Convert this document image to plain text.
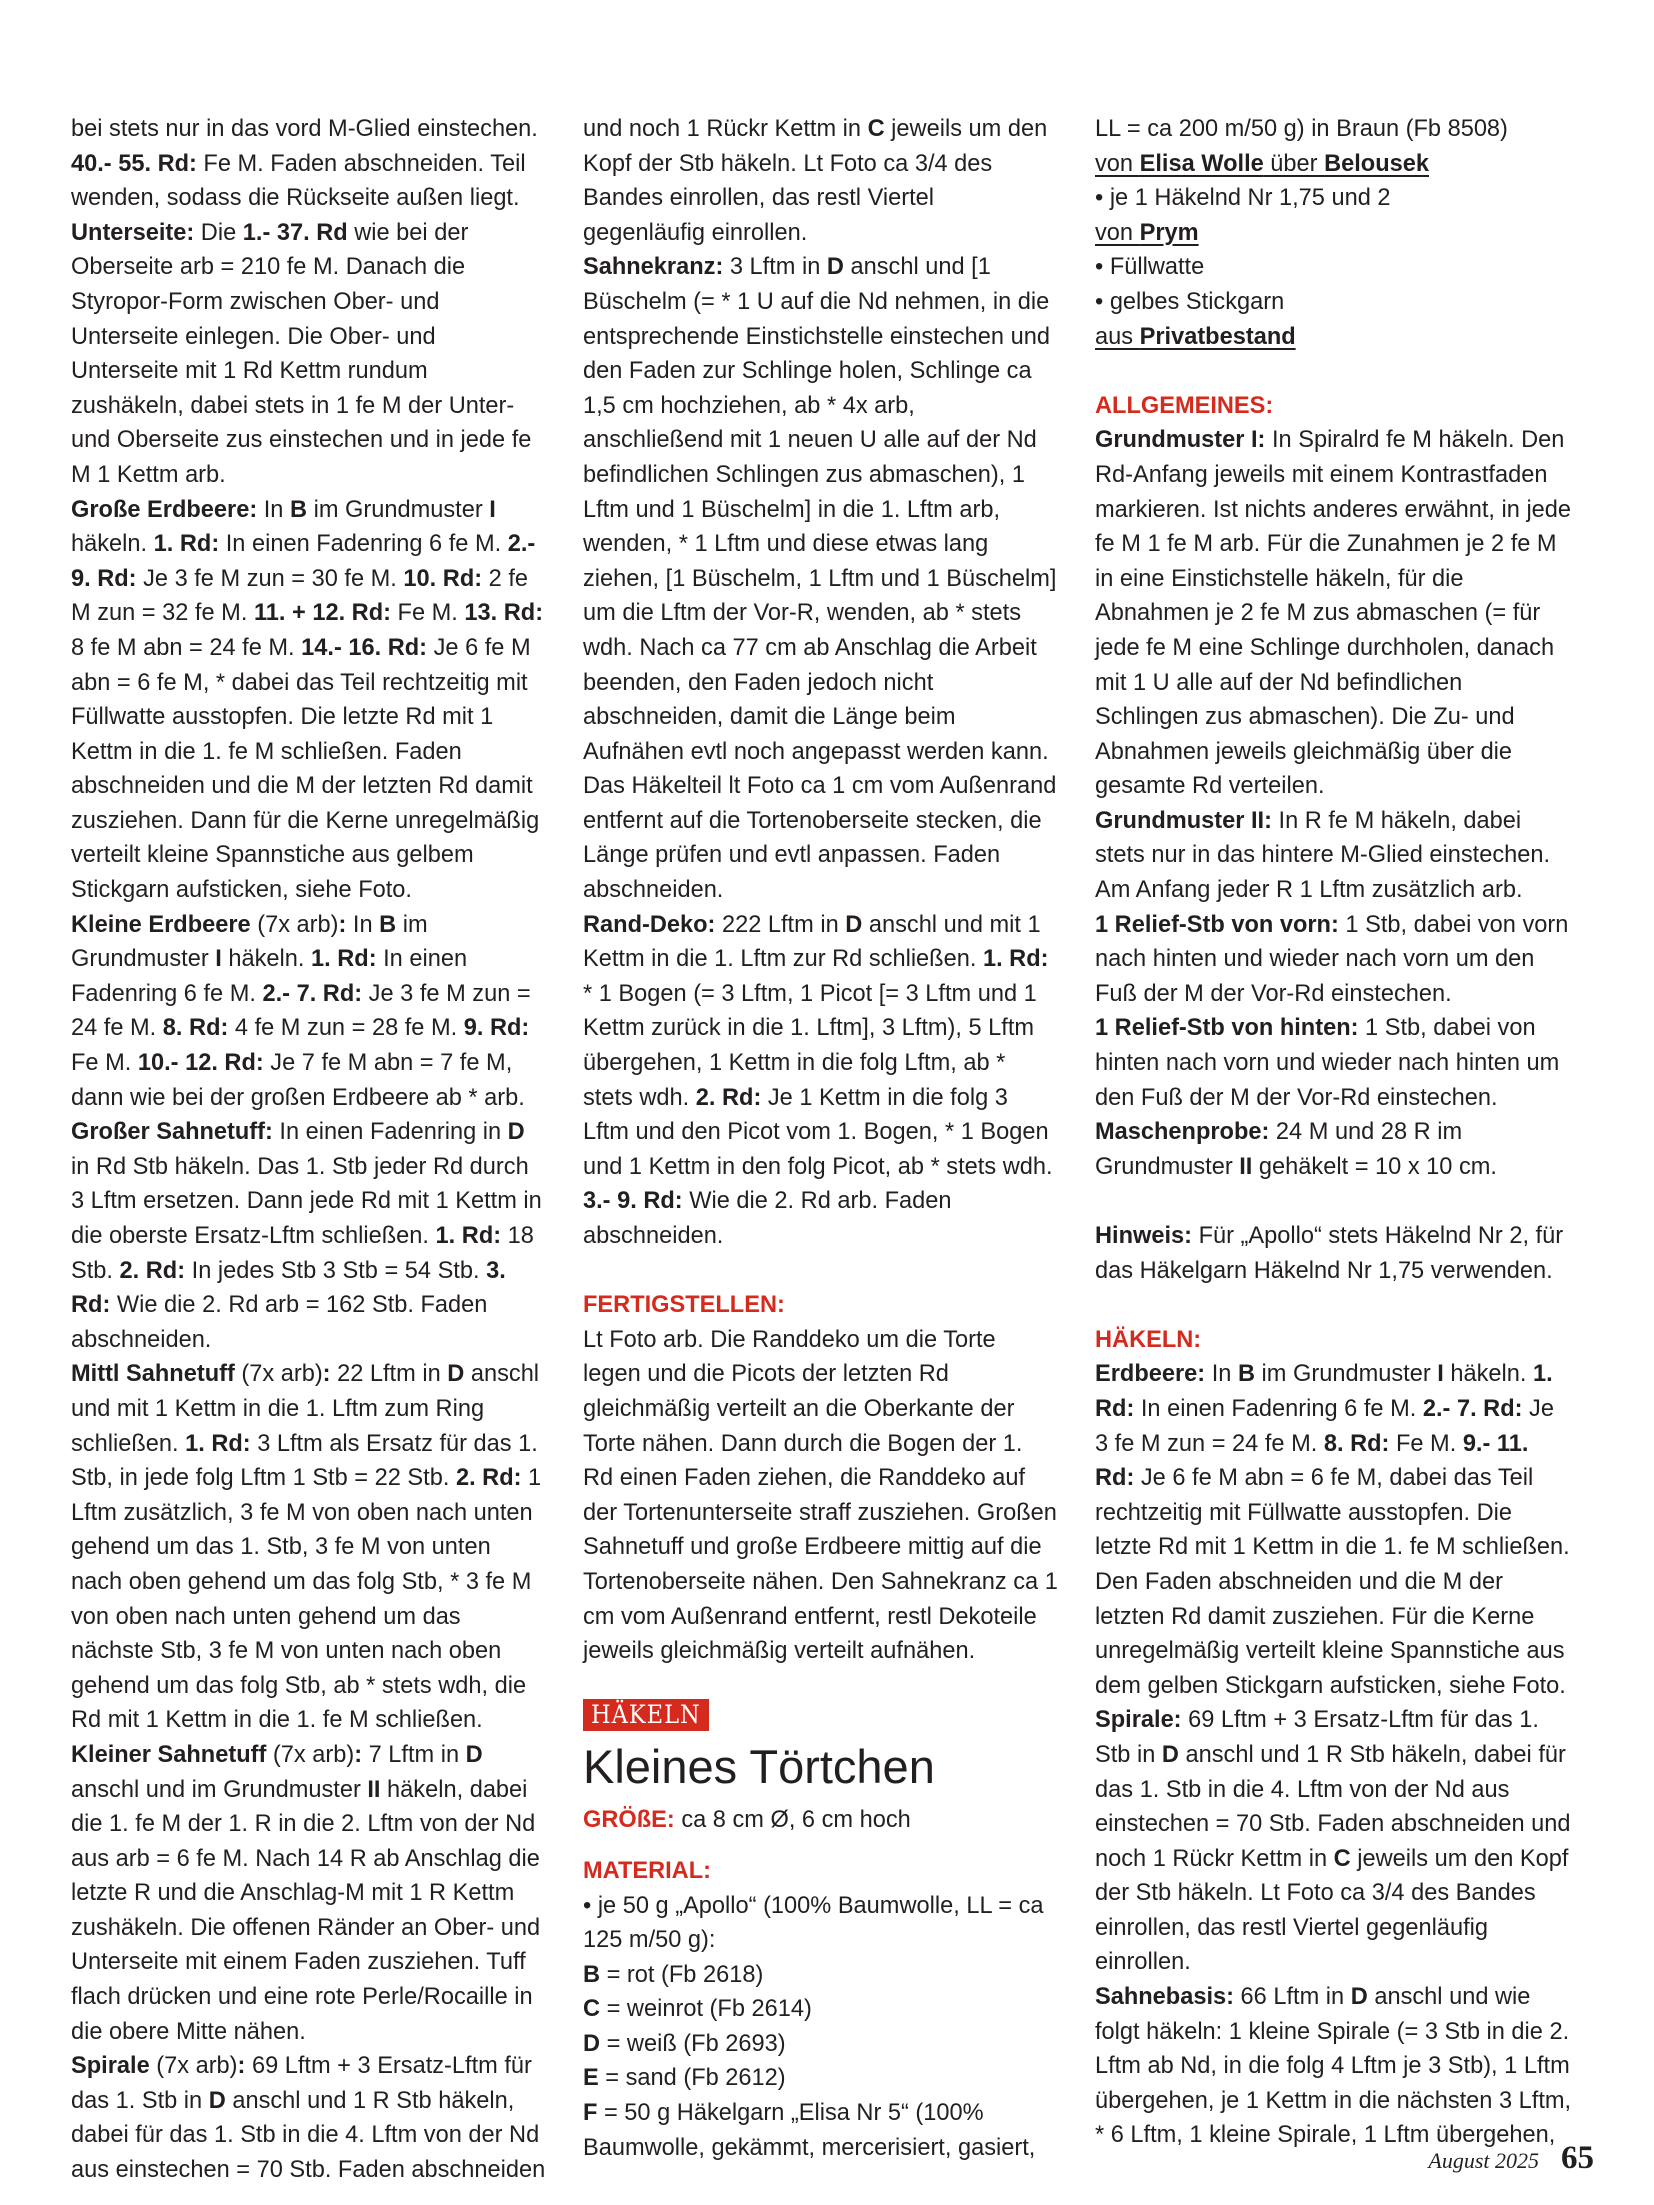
bei stets nur in das vord M-Glied einstechen.

40.- 55. Rd: Fe M. Faden abschneiden. Teil wenden, sodass die Rückseite außen liegt.

Unterseite: Die 1.- 37. Rd wie bei der Oberseite arb = 210 fe M. Danach die Styropor-Form zwischen Ober- und Unterseite einlegen. Die Ober- und Unterseite mit 1 Rd Kettm rundum zushäkeln, dabei stets in 1 fe M der Unter- und Oberseite zus einstechen und in jede fe M 1 Kettm arb.

Große Erdbeere: In B im Grundmuster I häkeln. 1. Rd: In einen Fadenring 6 fe M. 2.- 9. Rd: Je 3 fe M zun = 30 fe M. 10. Rd: 2 fe M zun = 32 fe M. 11. + 12. Rd: Fe M. 13. Rd: 8 fe M abn = 24 fe M. 14.- 16. Rd: Je 6 fe M abn = 6 fe M, * dabei das Teil rechtzeitig mit Füllwatte ausstopfen. Die letzte Rd mit 1 Kettm in die 1. fe M schließen. Faden abschneiden und die M der letzten Rd damit zusziehen. Dann für die Kerne unregelmäßig verteilt kleine Spannstiche aus gelbem Stickgarn aufsticken, siehe Foto.

Kleine Erdbeere (7x arb): In B im Grundmuster I häkeln. 1. Rd: In einen Fadenring 6 fe M. 2.- 7. Rd: Je 3 fe M zun = 24 fe M. 8. Rd: 4 fe M zun = 28 fe M. 9. Rd: Fe M. 10.- 12. Rd: Je 7 fe M abn = 7 fe M, dann wie bei der großen Erdbeere ab * arb.

Großer Sahnetuff: In einen Fadenring in D in Rd Stb häkeln. Das 1. Stb jeder Rd durch 3 Lftm ersetzen. Dann jede Rd mit 1 Kettm in die oberste Ersatz-Lftm schließen. 1. Rd: 18 Stb. 2. Rd: In jedes Stb 3 Stb = 54 Stb. 3. Rd: Wie die 2. Rd arb = 162 Stb. Faden abschneiden.

Mittl Sahnetuff (7x arb): 22 Lftm in D anschl und mit 1 Kettm in die 1. Lftm zum Ring schließen. 1. Rd: 3 Lftm als Ersatz für das 1. Stb, in jede folg Lftm 1 Stb = 22 Stb. 2. Rd: 1 Lftm zusätzlich, 3 fe M von oben nach unten gehend um das 1. Stb, 3 fe M von unten nach oben gehend um das folg Stb, * 3 fe M von oben nach unten gehend um das nächste Stb, 3 fe M von unten nach oben gehend um das folg Stb, ab * stets wdh, die Rd mit 1 Kettm in die 1. fe M schließen.

Kleiner Sahnetuff (7x arb): 7 Lftm in D anschl und im Grundmuster II häkeln, dabei die 1. fe M der 1. R in die 2. Lftm von der Nd aus arb = 6 fe M. Nach 14 R ab Anschlag die letzte R und die Anschlag-M mit 1 R Kettm zushäkeln. Die offenen Ränder an Ober- und Unterseite mit einem Faden zusziehen. Tuff flach drücken und eine rote Perle/Rocaille in die obere Mitte nähen.

Spirale (7x arb): 69 Lftm + 3 Ersatz-Lftm für das 1. Stb in D anschl und 1 R Stb häkeln, dabei für das 1. Stb in die 4. Lftm von der Nd aus einstechen = 70 Stb. Faden abschneiden

und noch 1 Rückr Kettm in C jeweils um den Kopf der Stb häkeln. Lt Foto ca 3/4 des Bandes einrollen, das restl Viertel gegenläufig einrollen.

Sahnekranz: 3 Lftm in D anschl und [1 Büschelm (= * 1 U auf die Nd nehmen, in die entsprechende Einstichstelle einstechen und den Faden zur Schlinge holen, Schlinge ca 1,5 cm hochziehen, ab * 4x arb, anschließend mit 1 neuen U alle auf der Nd befindlichen Schlingen zus abmaschen), 1 Lftm und 1 Büschelm] in die 1. Lftm arb, wenden, * 1 Lftm und diese etwas lang ziehen, [1 Büschelm, 1 Lftm und 1 Büschelm] um die Lftm der Vor-R, wenden, ab * stets wdh. Nach ca 77 cm ab Anschlag die Arbeit beenden, den Faden jedoch nicht abschneiden, damit die Länge beim Aufnähen evtl noch angepasst werden kann. Das Häkelteil lt Foto ca 1 cm vom Außenrand entfernt auf die Tortenoberseite stecken, die Länge prüfen und evtl anpassen. Faden abschneiden.

Rand-Deko: 222 Lftm in D anschl und mit 1 Kettm in die 1. Lftm zur Rd schließen. 1. Rd: * 1 Bogen (= 3 Lftm, 1 Picot [= 3 Lftm und 1 Kettm zurück in die 1. Lftm], 3 Lftm), 5 Lftm übergehen, 1 Kettm in die folg Lftm, ab * stets wdh. 2. Rd: Je 1 Kettm in die folg 3 Lftm und den Picot vom 1. Bogen, * 1 Bogen und 1 Kettm in den folg Picot, ab * stets wdh. 3.- 9. Rd: Wie die 2. Rd arb. Faden abschneiden.

FERTIGSTELLEN:

Lt Foto arb. Die Randdeko um die Torte legen und die Picots der letzten Rd gleichmäßig verteilt an die Oberkante der Torte nähen. Dann durch die Bogen der 1. Rd einen Faden ziehen, die Randdeko auf der Tortenunterseite straff zusziehen. Großen Sahnetuff und große Erdbeere mittig auf die Tortenoberseite nähen. Den Sahnekranz ca 1 cm vom Außenrand entfernt, restl Dekoteile jeweils gleichmäßig verteilt aufnähen.

HÄKELN
Kleines Törtchen

GRÖßE: ca 8 cm Ø, 6 cm hoch

MATERIAL:

• je 50 g „Apollo“ (100% Baumwolle, LL = ca 125 m/50 g):

B = rot (Fb 2618)

C = weinrot (Fb 2614)

D = weiß (Fb 2693)

E = sand (Fb 2612)

F = 50 g Häkelgarn „Elisa Nr 5“ (100% Baumwolle, gekämmt, mercerisiert, gasiert,

LL = ca 200 m/50 g) in Braun (Fb 8508)

von Elisa Wolle über Belousek

• je 1 Häkelnd Nr 1,75 und 2

von Prym

• Füllwatte

• gelbes Stickgarn

aus Privatbestand

ALLGEMEINES:

Grundmuster I: In Spiralrd fe M häkeln. Den Rd-Anfang jeweils mit einem Kontrastfaden markieren. Ist nichts anderes erwähnt, in jede fe M 1 fe M arb. Für die Zunahmen je 2 fe M in eine Einstichstelle häkeln, für die Abnahmen je 2 fe M zus abmaschen (= für jede fe M eine Schlinge durchholen, danach mit 1 U alle auf der Nd befindlichen Schlingen zus abmaschen). Die Zu- und Abnahmen jeweils gleichmäßig über die gesamte Rd verteilen.

Grundmuster II: In R fe M häkeln, dabei stets nur in das hintere M-Glied einstechen. Am Anfang jeder R 1 Lftm zusätzlich arb.

1 Relief-Stb von vorn: 1 Stb, dabei von vorn nach hinten und wieder nach vorn um den Fuß der M der Vor-Rd einstechen.

1 Relief-Stb von hinten: 1 Stb, dabei von hinten nach vorn und wieder nach hinten um den Fuß der M der Vor-Rd einstechen.

Maschenprobe: 24 M und 28 R im Grundmuster II gehäkelt = 10 x 10 cm.

Hinweis: Für „Apollo“ stets Häkelnd Nr 2, für das Häkelgarn Häkelnd Nr 1,75 verwenden.

HÄKELN:

Erdbeere: In B im Grundmuster I häkeln. 1. Rd: In einen Fadenring 6 fe M. 2.- 7. Rd: Je 3 fe M zun = 24 fe M. 8. Rd: Fe M. 9.- 11. Rd: Je 6 fe M abn = 6 fe M, dabei das Teil rechtzeitig mit Füllwatte ausstopfen. Die letzte Rd mit 1 Kettm in die 1. fe M schließen. Den Faden abschneiden und die M der letzten Rd damit zusziehen. Für die Kerne unregelmäßig verteilt kleine Spannstiche aus dem gelben Stickgarn aufsticken, siehe Foto.

Spirale: 69 Lftm + 3 Ersatz-Lftm für das 1. Stb in D anschl und 1 R Stb häkeln, dabei für das 1. Stb in die 4. Lftm von der Nd aus einstechen = 70 Stb. Faden abschneiden und noch 1 Rückr Kettm in C jeweils um den Kopf der Stb häkeln. Lt Foto ca 3/4 des Bandes einrollen, das restl Viertel gegenläufig einrollen.

Sahnebasis: 66 Lftm in D anschl und wie folgt häkeln: 1 kleine Spirale (= 3 Stb in die 2. Lftm ab Nd, in die folg 4 Lftm je 3 Stb), 1 Lftm übergehen, je 1 Kettm in die nächsten 3 Lftm, * 6 Lftm, 1 kleine Spirale, 1 Lftm übergehen,

August 2025 65
